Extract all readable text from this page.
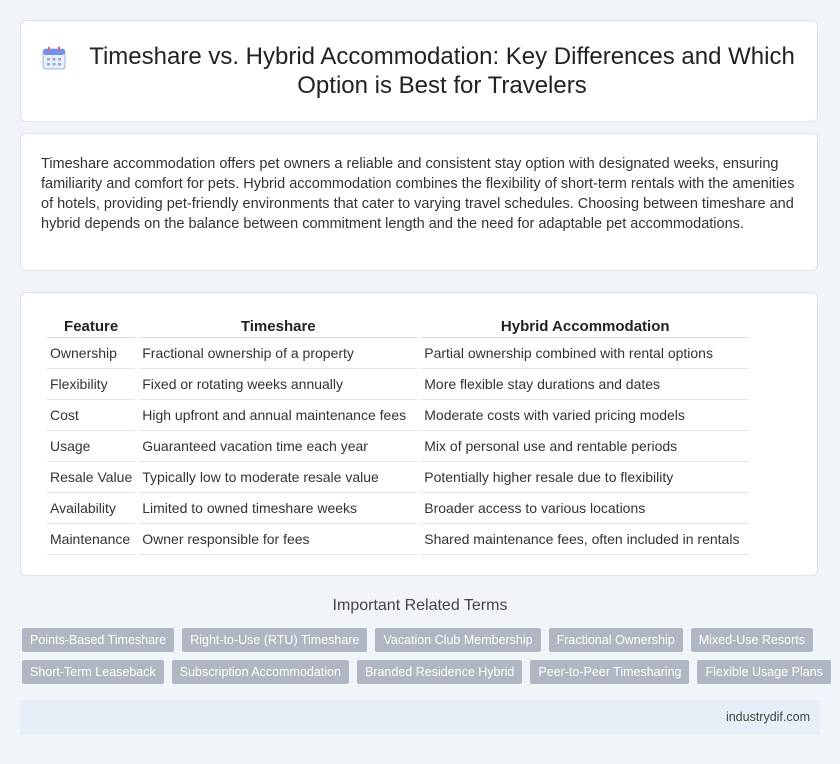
Timeshare vs. Hybrid Accommodation: Key Differences and Which Option is Best for Travelers

Timeshare accommodation offers pet owners a reliable and consistent stay option with designated weeks, ensuring familiarity and comfort for pets. Hybrid accommodation combines the flexibility of short-term rentals with the amenities of hotels, providing pet-friendly environments that cater to varying travel schedules. Choosing between timeshare and hybrid depends on the balance between commitment length and the need for adaptable pet accommodations.

Feature	Timeshare	Hybrid Accommodation
Ownership	Fractional ownership of a property	Partial ownership combined with rental options
Flexibility	Fixed or rotating weeks annually	More flexible stay durations and dates
Cost	High upfront and annual maintenance fees	Moderate costs with varied pricing models
Usage	Guaranteed vacation time each year	Mix of personal use and rentable periods
Resale Value	Typically low to moderate resale value	Potentially higher resale due to flexibility
Availability	Limited to owned timeshare weeks	Broader access to various locations
Maintenance	Owner responsible for fees	Shared maintenance fees, often included in rentals
Important Related Terms
Points-Based Timeshare	Right-to-Use (RTU) Timeshare	Vacation Club Membership	Fractional Ownership	Mixed-Use Resorts
Short-Term Leaseback	Subscription Accommodation	Branded Residence Hybrid	Peer-to-Peer Timesharing	Flexible Usage Plans
industrydif.com
